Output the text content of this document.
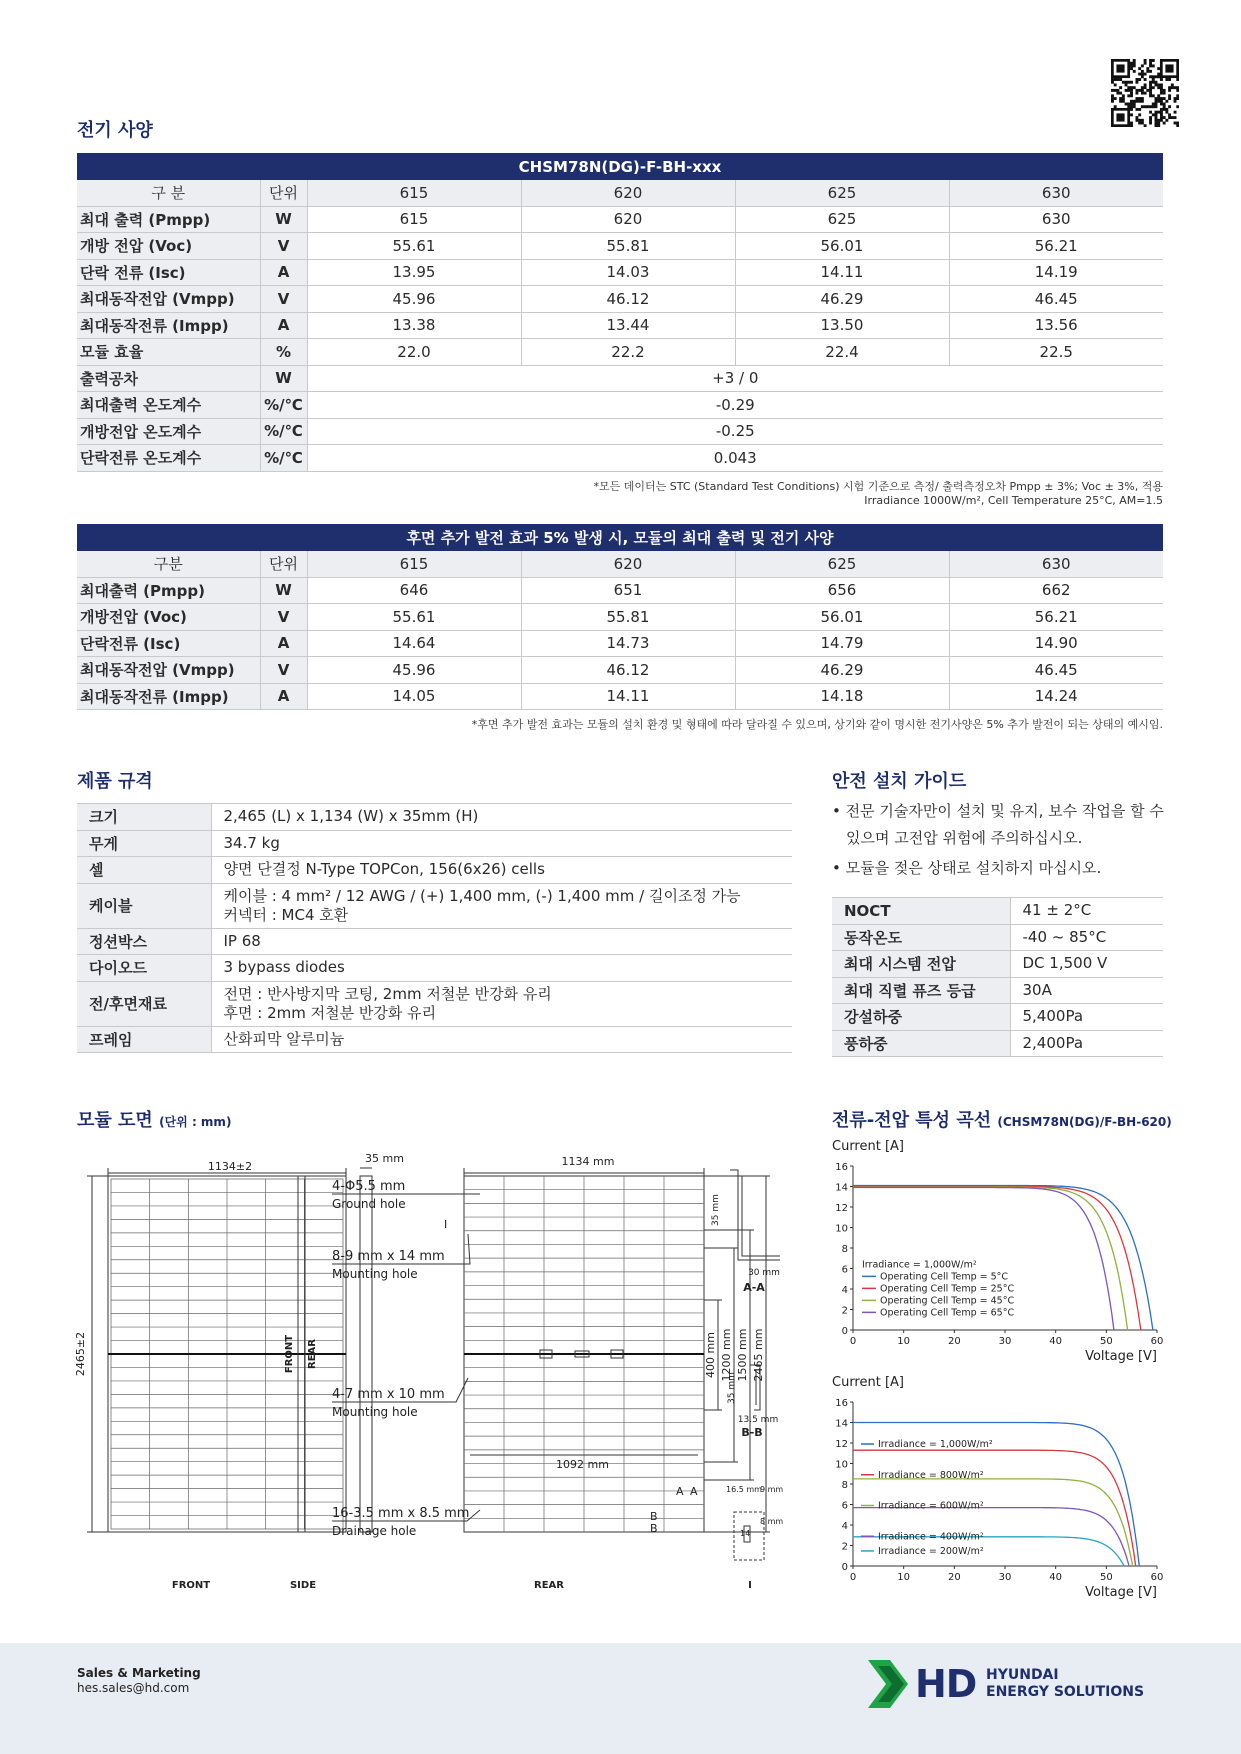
전기 사양
CHSM78N(DG)-F-BH-xxx					
구 분	단위	615	620	625	630
최대 출력 (Pmpp)	W	615	620	625	630
개방 전압 (Voc)	V	55.61	55.81	56.01	56.21
단락 전류 (Isc)	A	13.95	14.03	14.11	14.19
최대동작전압 (Vmpp)	V	45.96	46.12	46.29	46.45
최대동작전류 (Impp)	A	13.38	13.44	13.50	13.56
모듈 효율	%	22.0	22.2	22.4	22.5
출력공차	W	+3 / 0			
최대출력 온도계수	%/℃	-0.29			
개방전압 온도계수	%/℃	-0.25			
단락전류 온도계수	%/℃	0.043			
*모든 데이터는 STC (Standard Test Conditions) 시험 기준으로 측정/ 출력측정오차 Pmpp ± 3%; Voc ± 3%, 적용
Irradiance 1000W/m², Cell Temperature 25°C, AM=1.5
후면 추가 발전 효과 5% 발생 시, 모듈의 최대 출력 및 전기 사양					
구분	단위	615	620	625	630
최대출력 (Pmpp)	W	646	651	656	662
개방전압 (Voc)	V	55.61	55.81	56.01	56.21
단락전류 (Isc)	A	14.64	14.73	14.79	14.90
최대동작전압 (Vmpp)	V	45.96	46.12	46.29	46.45
최대동작전류 (Impp)	A	14.05	14.11	14.18	14.24
*후면 추가 발전 효과는 모듈의 설치 환경 및 형태에 따라 달라질 수 있으며, 상기와 같이 명시한 전기사양은 5% 추가 발전이 되는 상태의 예시임.
제품 규격
크기	2,465 (L) x 1,134 (W) x 35mm (H)

무게	34.7 kg

셀	양면 단결정 N-Type TOPCon, 156(6x26) cells

케이블	케이블 : 4 mm² / 12 AWG / (+) 1,400 mm, (-) 1,400 mm / 길이조정 가능
커넥터 : MC4 호환

정션박스	IP 68

다이오드	3 bypass diodes

전/후면재료	전면 : 반사방지막 코팅, 2mm 저철분 반강화 유리
후면 : 2mm 저철분 반강화 유리

프레임	산화피막 알루미늄
안전 설치 가이드
• 전문 기술자만이 설치 및 유지, 보수 작업을 할 수
있으며 고전압 위험에 주의하십시오.
• 모듈을 젖은 상태로 설치하지 마십시오.
NOCT	41 ± 2°C
동작온도	-40 ~ 85°C
최대 시스템 전압	DC 1,500 V
최대 직렬 퓨즈 등급	30A
강설하중	5,400Pa
풍하중	2,400Pa
모듈 도면 (단위 : mm)
1134±2
2465±2
35 mm	1134 mm
4-Φ5.5 mm
Ground hole
8-9 mm x 14 mm
Mounting hole
4-7 mm x 10 mm
Mounting hole
16-3.5 mm x 8.5 mm
Drainage hole
400 mm 1200 mm 1500 mm 2465 mm
1092 mm
A A
B
B
I	35 mm
30 mm
A-A
35 mm
13.5 mm
B-B
16.5 mm
9 mm
14
8 mm
FRONT	SIDE
FRONT REAR
REAR	I
전류-전압 특성 곡선 (CHSM78N(DG)/F-BH-620)
Current [A]
0
2
4
6
8
10
12
14
16
0	10	20	30	40	50	60
Voltage [V]
Irradiance = 1,000W/m²
Operating Cell Temp = 5°C
Operating Cell Temp = 25°C
Operating Cell Temp = 45°C
Operating Cell Temp = 65°C
Current [A]
0
2
4
6
8
10
12
14
16
0	10	20	30	40	50	60
Voltage [V]
Irradiance = 1,000W/m²
Irradiance = 800W/m²
Irradiance = 600W/m²
Irradiance = 400W/m²
Irradiance = 200W/m²
Sales & Marketing
hes.sales@hd.com	HD HYUNDAI
ENERGY SOLUTIONS
